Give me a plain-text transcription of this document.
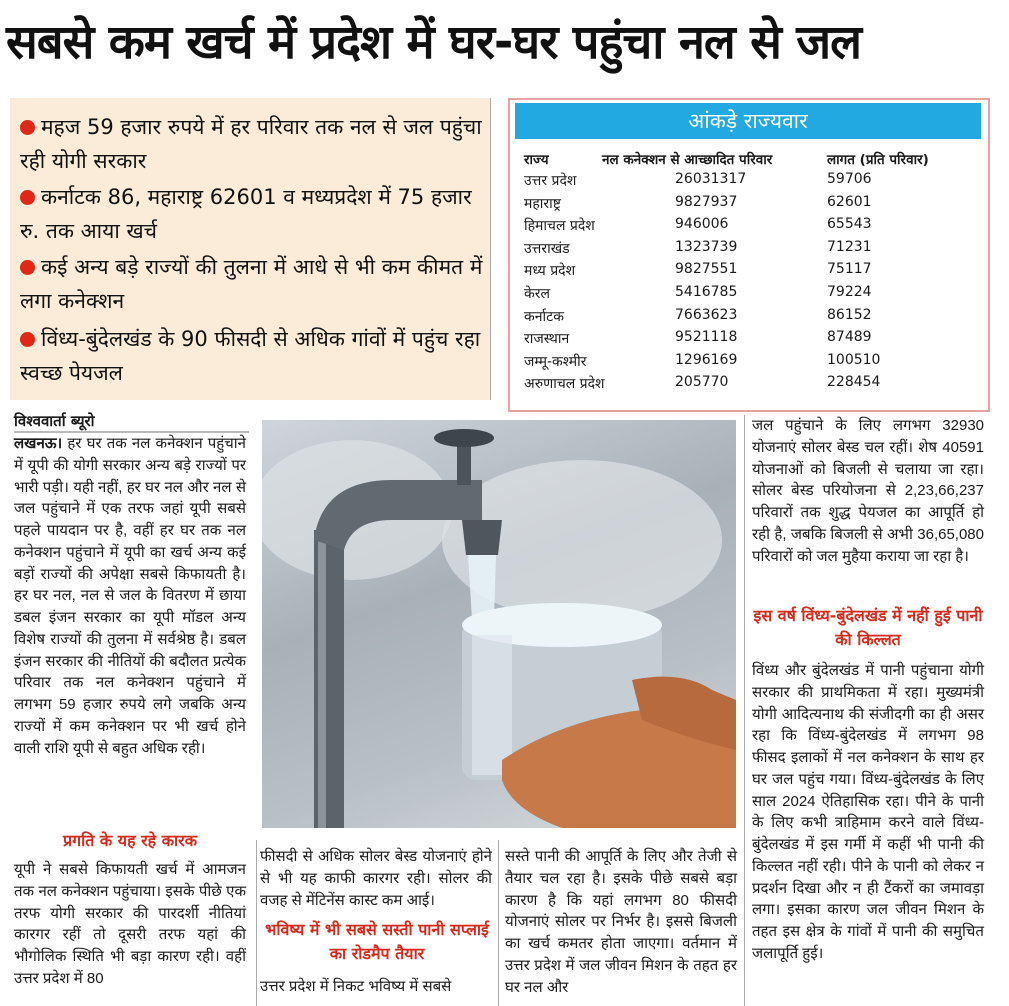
सबसे कम खर्च में प्रदेश में घर-घर पहुंचा नल से जल
महज 59 हजार रुपये में हर परिवार तक नल से जल पहुंचा रही योगी सरकार
कर्नाटक 86, महाराष्ट्र 62601 व मध्यप्रदेश में 75 हजार रु. तक आया खर्च
कई अन्य बड़े राज्यों की तुलना में आधे से भी कम कीमत में लगा कनेक्शन
विंध्य-बुंदेलखंड के 90 फीसदी से अधिक गांवों में पहुंच रहा स्वच्छ पेयजल
आंकड़े राज्यवार
राज्य	नल कनेक्शन से आच्छादित परिवार	लागत (प्रति परिवार)
उत्तर प्रदेश	26031317	59706
महाराष्ट्र	9827937	62601
हिमाचल प्रदेश	946006	65543
उत्तराखंड	1323739	71231
मध्य प्रदेश	9827551	75117
केरल	5416785	79224
कर्नाटक	7663623	86152
राजस्थान	9521118	87489
जम्मू-कश्मीर	1296169	100510
अरुणाचल प्रदेश	205770	228454
विश्ववार्ता ब्यूरो
लखनऊ। हर घर तक नल कनेक्शन पहुंचाने में यूपी की योगी सरकार अन्य बड़े राज्यों पर भारी पड़ी। यही नहीं, हर घर नल और नल से जल पहुंचाने में एक तरफ जहां यूपी सबसे पहले पायदान पर है, वहीं हर घर तक नल कनेक्शन पहुंचाने में यूपी का खर्च अन्य कई बड़ों राज्यों की अपेक्षा सबसे किफायती है। हर घर नल, नल से जल के वितरण में छाया डबल इंजन सरकार का यूपी मॉडल अन्य विशेष राज्यों की तुलना में सर्वश्रेष्ठ है। डबल इंजन सरकार की नीतियों की बदौलत प्रत्येक परिवार तक नल कनेक्शन पहुंचाने में लगभग 59 हजार रुपये लगे जबकि अन्य राज्यों में कम कनेक्शन पर भी खर्च होने वाली राशि यूपी से बहुत अधिक रही।
प्रगति के यह रहे कारक
यूपी ने सबसे किफायती खर्च में आमजन तक नल कनेक्शन पहुंचाया। इसके पीछे एक तरफ योगी सरकार की पारदर्शी नीतियां कारगर रहीं तो दूसरी तरफ यहां की भौगोलिक स्थिति भी बड़ा कारण रही। वहीं उत्तर प्रदेश में 80
फीसदी से अधिक सोलर बेस्ड योजनाएं होने से भी यह काफी कारगर रही। सोलर की वजह से मेंटिनेंस कास्ट कम आई।
भविष्य में भी सबसे सस्ती पानी सप्लाई का रोडमैप तैयार
उत्तर प्रदेश में निकट भविष्य में सबसे
सस्ते पानी की आपूर्ति के लिए और तेजी से तैयार चल रहा है। इसके पीछे सबसे बड़ा कारण है कि यहां लगभग 80 फीसदी योजनाएं सोलर पर निर्भर है। इससे बिजली का खर्च कमतर होता जाएगा। वर्तमान में उत्तर प्रदेश में जल जीवन मिशन के तहत हर घर नल और
जल पहुंचाने के लिए लगभग 32930 योजनाएं सोलर बेस्ड चल रहीं। शेष 40591 योजनाओं को बिजली से चलाया जा रहा। सोलर बेस्ड परियोजना से 2,23,66,237 परिवारों तक शुद्ध पेयजल का आपूर्ति हो रही है, जबकि बिजली से अभी 36,65,080 परिवारों को जल मुहैया कराया जा रहा है।
इस वर्ष विंध्य-बुंदेलखंड में नहीं हुई पानी की किल्लत
विंध्य और बुंदेलखंड में पानी पहुंचाना योगी सरकार की प्राथमिकता में रहा। मुख्यमंत्री योगी आदित्यनाथ की संजीदगी का ही असर रहा कि विंध्य-बुंदेलखंड में लगभग 98 फीसद इलाकों में नल कनेक्शन के साथ हर घर जल पहुंच गया। विंध्य-बुंदेलखंड के लिए साल 2024 ऐतिहासिक रहा। पीने के पानी के लिए कभी त्राहिमाम करने वाले विंध्य-बुंदेलखंड में इस गर्मी में कहीं भी पानी की किल्लत नहीं रही। पीने के पानी को लेकर न प्रदर्शन दिखा और न ही टैंकरों का जमावड़ा लगा। इसका कारण जल जीवन मिशन के तहत इस क्षेत्र के गांवों में पानी की समुचित जलापूर्ति हुई।
